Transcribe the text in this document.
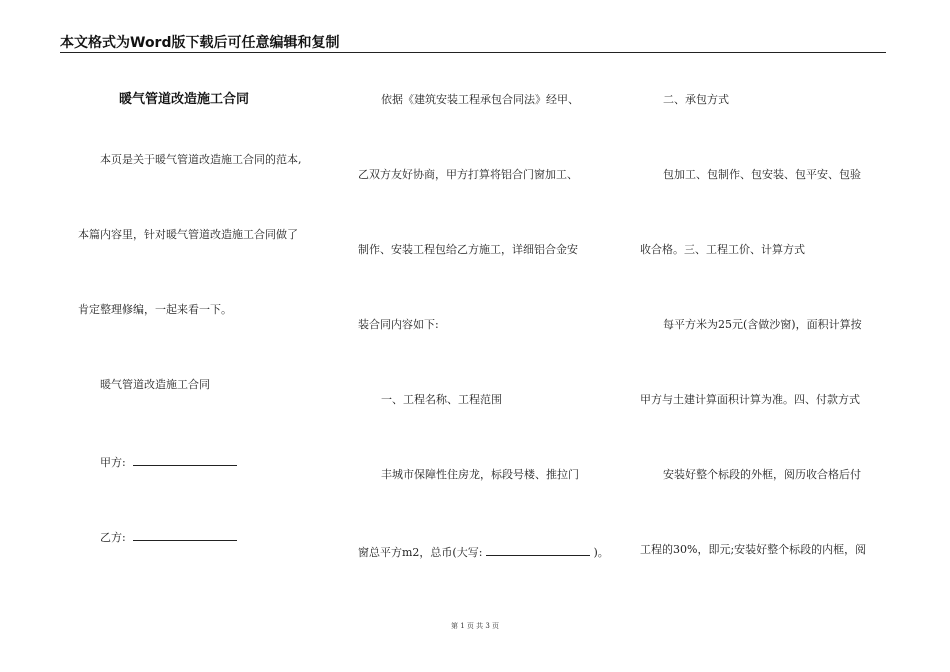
本文格式为Word版下载后可任意编辑和复制
暖气管道改造施工合同
本页是关于暖气管道改造施工合同的范本,
本篇内容里，针对暖气管道改造施工合同做了
肯定整理修编，一起来看一下。
暖气管道改造施工合同
甲方:
乙方:
依据《建筑安装工程承包合同法》经甲、
乙双方友好协商，甲方打算将铝合门窗加工、
制作、安装工程包给乙方施工，详细铝合金安
装合同内容如下:
一、工程名称、工程范围
丰城市保障性住房龙，标段号楼、推拉门
窗总平方m2，总币(大写:	)。
二、承包方式
包加工、包制作、包安装、包平安、包验
收合格。三、工程工价、计算方式
每平方米为25元(含做沙窗)，面积计算按
甲方与土建计算面积计算为准。四、付款方式
安装好整个标段的外框，阅历收合格后付
工程的30%，即元;安装好整个标段的内框，阅
第 1 页 共 3 页
